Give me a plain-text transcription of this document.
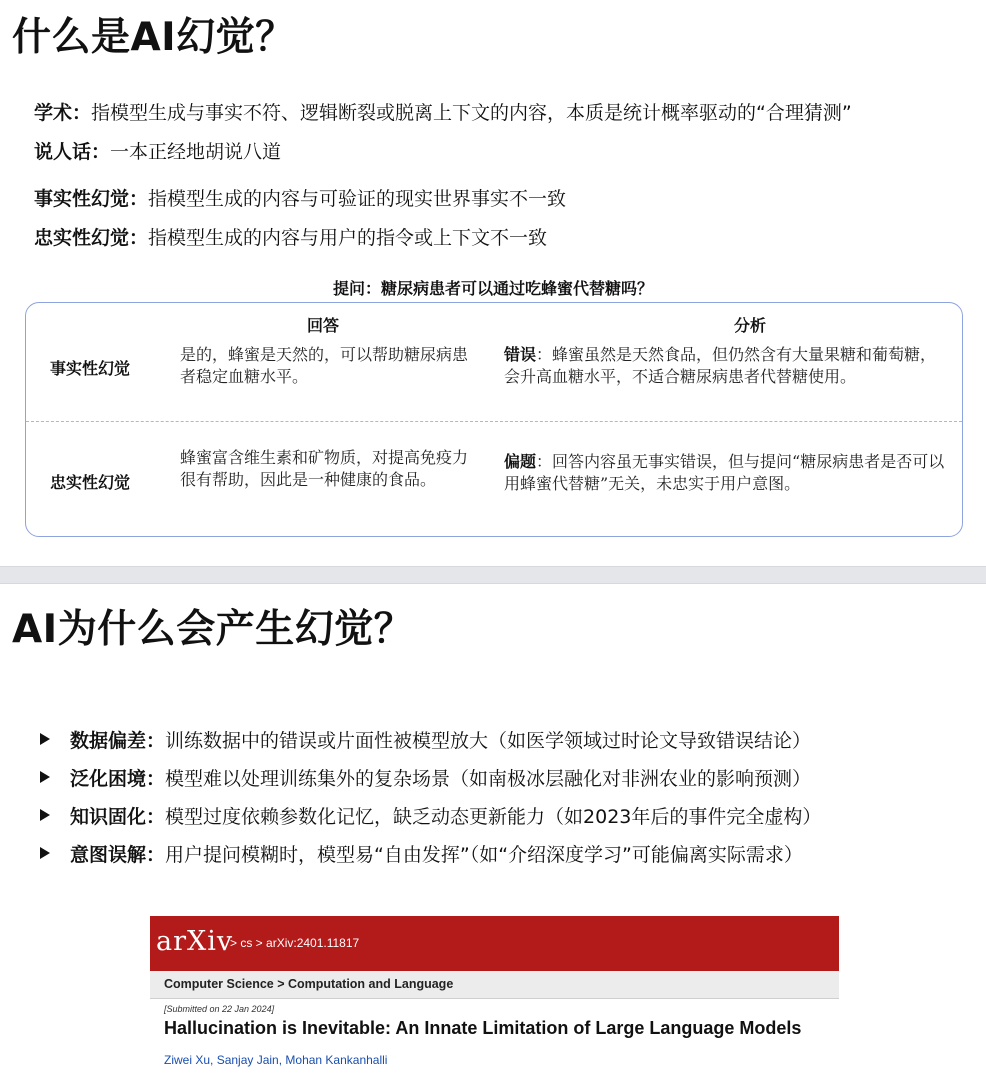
什么是AI幻觉？
学术：指模型生成与事实不符、逻辑断裂或脱离上下文的内容，本质是统计概率驱动的“合理猜测”
说人话：一本正经地胡说八道
事实性幻觉：指模型生成的内容与可验证的现实世界事实不一致
忠实性幻觉：指模型生成的内容与用户的指令或上下文不一致
提问：糖尿病患者可以通过吃蜂蜜代替糖吗？
回答	分析
事实性幻觉
是的，蜂蜜是天然的，可以帮助糖尿病患者稳定血糖水平。
错误：蜂蜜虽然是天然食品，但仍然含有大量果糖和葡萄糖，会升高血糖水平，不适合糖尿病患者代替糖使用。
忠实性幻觉
蜂蜜富含维生素和矿物质，对提高免疫力很有帮助，因此是一种健康的食品。
偏题：回答内容虽无事实错误，但与提问“糖尿病患者是否可以用蜂蜜代替糖”无关，未忠实于用户意图。
AI为什么会产生幻觉？
数据偏差： 训练数据中的错误或片面性被模型放大（如医学领域过时论文导致错误结论）
泛化困境： 模型难以处理训练集外的复杂场景（如南极冰层融化对非洲农业的影响预测）
知识固化： 模型过度依赖参数化记忆，缺乏动态更新能力（如2023年后的事件完全虚构）
意图误解： 用户提问模糊时，模型易“自由发挥”（如“介绍深度学习”可能偏离实际需求）
arXiv
> cs > arXiv:2401.11817
Computer Science > Computation and Language
[Submitted on 22 Jan 2024]
Hallucination is Inevitable: An Innate Limitation of Large Language Models
Ziwei Xu, Sanjay Jain, Mohan Kankanhalli
